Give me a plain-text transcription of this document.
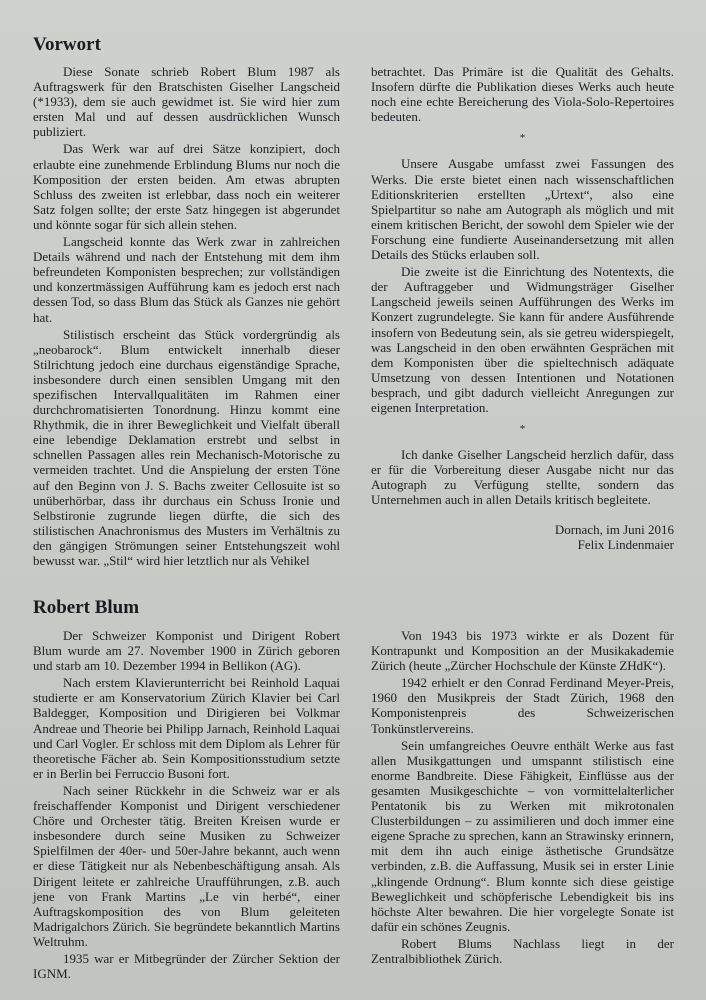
Vorwort

Diese Sonate schrieb Robert Blum 1987 als Auftragswerk für den Bratschisten Giselher Langscheid (*1933), dem sie auch gewidmet ist. Sie wird hier zum ersten Mal und auf dessen ausdrücklichen Wunsch publiziert.

Das Werk war auf drei Sätze konzipiert, doch erlaubte eine zunehmende Erblindung Blums nur noch die Komposition der ersten beiden. Am etwas abrupten Schluss des zweiten ist erlebbar, dass noch ein weiterer Satz folgen sollte; der erste Satz hingegen ist abgerundet und könnte sogar für sich allein stehen.

Langscheid konnte das Werk zwar in zahlreichen Details während und nach der Entstehung mit dem ihm befreundeten Komponisten besprechen; zur vollständigen und konzertmässigen Aufführung kam es jedoch erst nach dessen Tod, so dass Blum das Stück als Ganzes nie gehört hat.

Stilistisch erscheint das Stück vordergründig als „neobarock“. Blum entwickelt innerhalb dieser Stilrichtung jedoch eine durchaus eigenständige Sprache, insbesondere durch einen sensiblen Umgang mit den spezifischen Intervallqualitäten im Rahmen einer durchchromatisierten Tonordnung. Hinzu kommt eine Rhythmik, die in ihrer Beweglichkeit und Vielfalt überall eine lebendige Deklamation erstrebt und selbst in schnellen Passagen alles rein Mechanisch-Motorische zu vermeiden trachtet. Und die Anspielung der ersten Töne auf den Beginn von J. S. Bachs zweiter Cellosuite ist so unüberhörbar, dass ihr durchaus ein Schuss Ironie und Selbstironie zugrunde liegen dürfte, die sich des stilistischen Anachronismus des Musters im Verhältnis zu den gängigen Strömungen seiner Entstehungszeit wohl bewusst war. „Stil“ wird hier letztlich nur als Vehikel

betrachtet. Das Primäre ist die Qualität des Gehalts. Insofern dürfte die Publikation dieses Werks auch heute noch eine echte Bereicherung des Viola-Solo-Repertoires bedeuten.

*

Unsere Ausgabe umfasst zwei Fassungen des Werks. Die erste bietet einen nach wissenschaftlichen Editionskriterien erstellten „Urtext“, also eine Spielpartitur so nahe am Autograph als möglich und mit einem kritischen Bericht, der sowohl dem Spieler wie der Forschung eine fundierte Auseinandersetzung mit allen Details des Stücks erlauben soll.

Die zweite ist die Einrichtung des Notentexts, die der Auftraggeber und Widmungsträger Giselher Langscheid jeweils seinen Aufführungen des Werks im Konzert zugrundelegte. Sie kann für andere Ausführende insofern von Bedeutung sein, als sie getreu widerspiegelt, was Langscheid in den oben erwähnten Gesprächen mit dem Komponisten über die spieltechnisch adäquate Umsetzung von dessen Intentionen und Notationen besprach, und gibt dadurch vielleicht Anregungen zur eigenen Interpretation.

*

Ich danke Giselher Langscheid herzlich dafür, dass er für die Vorbereitung dieser Ausgabe nicht nur das Autograph zu Verfügung stellte, sondern das Unternehmen auch in allen Details kritisch begleitete.

Dornach, im Juni 2016
Felix Lindenmaier
Robert Blum

Der Schweizer Komponist und Dirigent Robert Blum wurde am 27. November 1900 in Zürich geboren und starb am 10. Dezember 1994 in Bellikon (AG).

Nach erstem Klavierunterricht bei Reinhold Laquai studierte er am Konservatorium Zürich Klavier bei Carl Baldegger, Komposition und Dirigieren bei Volkmar Andreae und Theorie bei Philipp Jarnach, Reinhold Laquai und Carl Vogler. Er schloss mit dem Diplom als Lehrer für theoretische Fächer ab. Sein Kompositionsstudium setzte er in Berlin bei Ferruccio Busoni fort.

Nach seiner Rückkehr in die Schweiz war er als freischaffender Komponist und Dirigent verschiedener Chöre und Orchester tätig. Breiten Kreisen wurde er insbesondere durch seine Musiken zu Schweizer Spielfilmen der 40er- und 50er-Jahre bekannt, auch wenn er diese Tätigkeit nur als Nebenbeschäftigung ansah. Als Dirigent leitete er zahlreiche Uraufführungen, z.B. auch jene von Frank Martins „Le vin herbé“, einer Auftragskomposition des von Blum geleiteten Madrigalchors Zürich. Sie begründete bekanntlich Martins Weltruhm.

1935 war er Mitbegründer der Zürcher Sektion der IGNM.

Von 1943 bis 1973 wirkte er als Dozent für Kontrapunkt und Komposition an der Musikakademie Zürich (heute „Zürcher Hochschule der Künste ZHdK“).

1942 erhielt er den Conrad Ferdinand Meyer-Preis, 1960 den Musikpreis der Stadt Zürich, 1968 den Komponistenpreis des Schweizerischen Tonkünstlervereins.

Sein umfangreiches Oeuvre enthält Werke aus fast allen Musikgattungen und umspannt stilistisch eine enorme Bandbreite. Diese Fähigkeit, Einflüsse aus der gesamten Musikgeschichte – von vormittelalterlicher Pentatonik bis zu Werken mit mikrotonalen Clusterbildungen – zu assimilieren und doch immer eine eigene Sprache zu sprechen, kann an Strawinsky erinnern, mit dem ihn auch einige ästhetische Grundsätze verbinden, z.B. die Auffassung, Musik sei in erster Linie „klingende Ordnung“. Blum konnte sich diese geistige Beweglichkeit und schöpferische Lebendigkeit bis ins höchste Alter bewahren. Die hier vorgelegte Sonate ist dafür ein schönes Zeugnis.

Robert Blums Nachlass liegt in der Zentralbibliothek Zürich.
